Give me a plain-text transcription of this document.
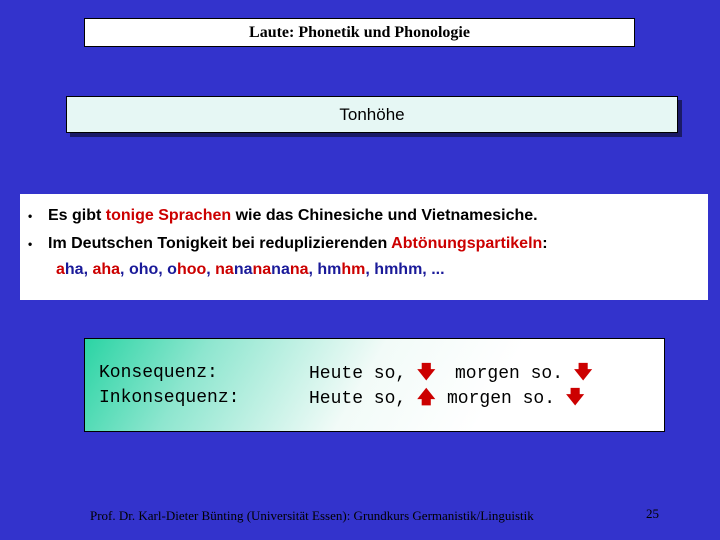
Laute: Phonetik und Phonologie
Tonhöhe
• Es gibt tonige Sprachen wie das Chinesiche und Vietnamesiche.
• Im Deutschen Tonigkeit bei reduplizierenden Abtönungspartikeln:
aha, aha, oho, ohoo, nanananana, hmhm, hmhm, ...
Konsequenz:	Heute so, 🡇 morgen so. 🡇
Inkonsequenz:	Heute so, 🡅 morgen so. 🡇
Prof. Dr. Karl-Dieter Bünting (Universität Essen): Grundkurs Germanistik/Linguistik	25
